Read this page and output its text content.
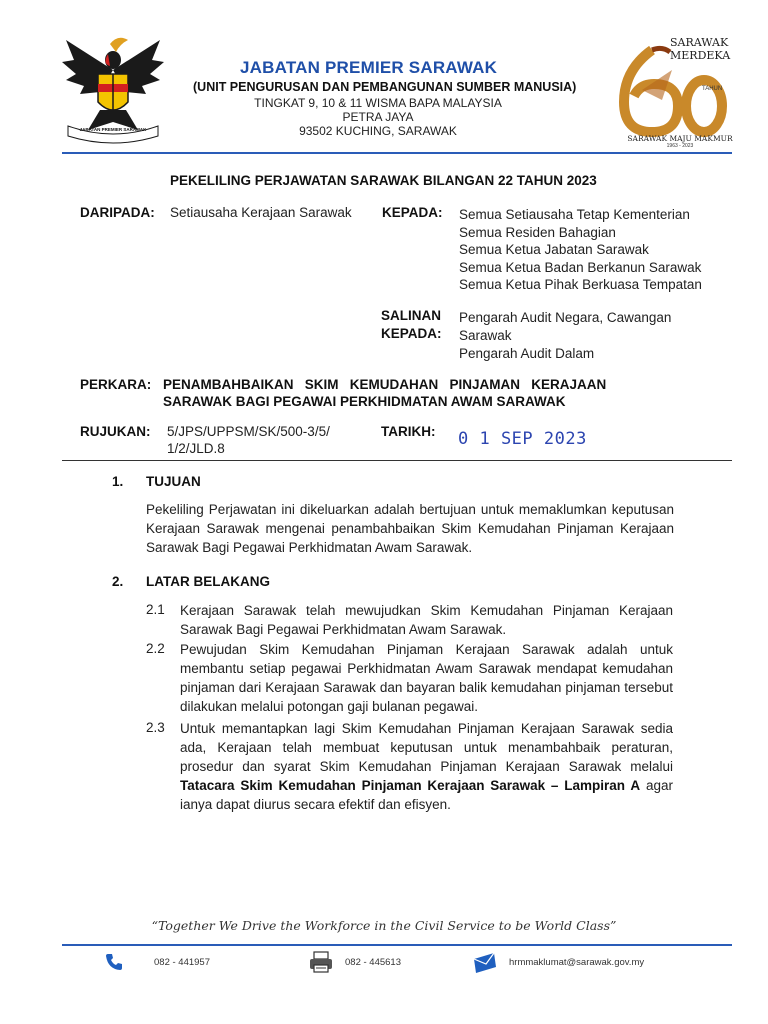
JABATAN PREMIER SARAWAK
JABATAN PREMIER SARAWAK
(UNIT PENGURUSAN DAN PEMBANGUNAN SUMBER MANUSIA)
TINGKAT 9, 10 & 11 WISMA BAPA MALAYSIA
PETRA JAYA
93502 KUCHING, SARAWAK
SARAWAK
MERDEKA
TAHUN
SARAWAK MAJU MAKMUR
1963 - 2023
PEKELILING PERJAWATAN SARAWAK BILANGAN 22 TAHUN 2023
DARIPADA: Setiausaha Kerajaan Sarawak KEPADA: Semua Setiausaha Tetap Kementerian
Semua Residen Bahagian
Semua Ketua Jabatan Sarawak
Semua Ketua Badan Berkanun Sarawak
Semua Ketua Pihak Berkuasa Tempatan
SALINAN
KEPADA:
Pengarah Audit Negara, Cawangan
Sarawak
Pengarah Audit Dalam
PERKARA: PENAMBAHBAIKAN   SKIM   KEMUDAHAN   PINJAMAN   KERAJAAN
SARAWAK BAGI PEGAWAI PERKHIDMATAN AWAM SARAWAK
RUJUKAN: 5/JPS/UPPSM/SK/500-3/5/
1/2/JLD.8
TARIKH: 0 1 SEP 2023
1. TUJUAN
Pekeliling Perjawatan ini dikeluarkan adalah bertujuan untuk memaklumkan keputusan Kerajaan Sarawak mengenai penambahbaikan Skim Kemudahan Pinjaman Kerajaan Sarawak Bagi Pegawai Perkhidmatan Awam Sarawak.
2. LATAR BELAKANG
2.1 Kerajaan Sarawak telah mewujudkan Skim Kemudahan Pinjaman Kerajaan Sarawak Bagi Pegawai Perkhidmatan Awam Sarawak.
2.2 Pewujudan Skim Kemudahan Pinjaman Kerajaan Sarawak adalah untuk membantu setiap pegawai Perkhidmatan Awam Sarawak mendapat kemudahan pinjaman dari Kerajaan Sarawak dan bayaran balik kemudahan pinjaman tersebut dilakukan melalui potongan gaji bulanan pegawai.
2.3 Untuk memantapkan lagi Skim Kemudahan Pinjaman Kerajaan Sarawak sedia ada, Kerajaan telah membuat keputusan untuk menambahbaik peraturan, prosedur dan syarat Skim Kemudahan Pinjaman Kerajaan Sarawak melalui Tatacara Skim Kemudahan Pinjaman Kerajaan Sarawak – Lampiran A agar ianya dapat diurus secara efektif dan efisyen.
“Together We Drive the Workforce in the Civil Service to be World Class”
082 - 441957	082 - 445613	hrmmaklumat@sarawak.gov.my
